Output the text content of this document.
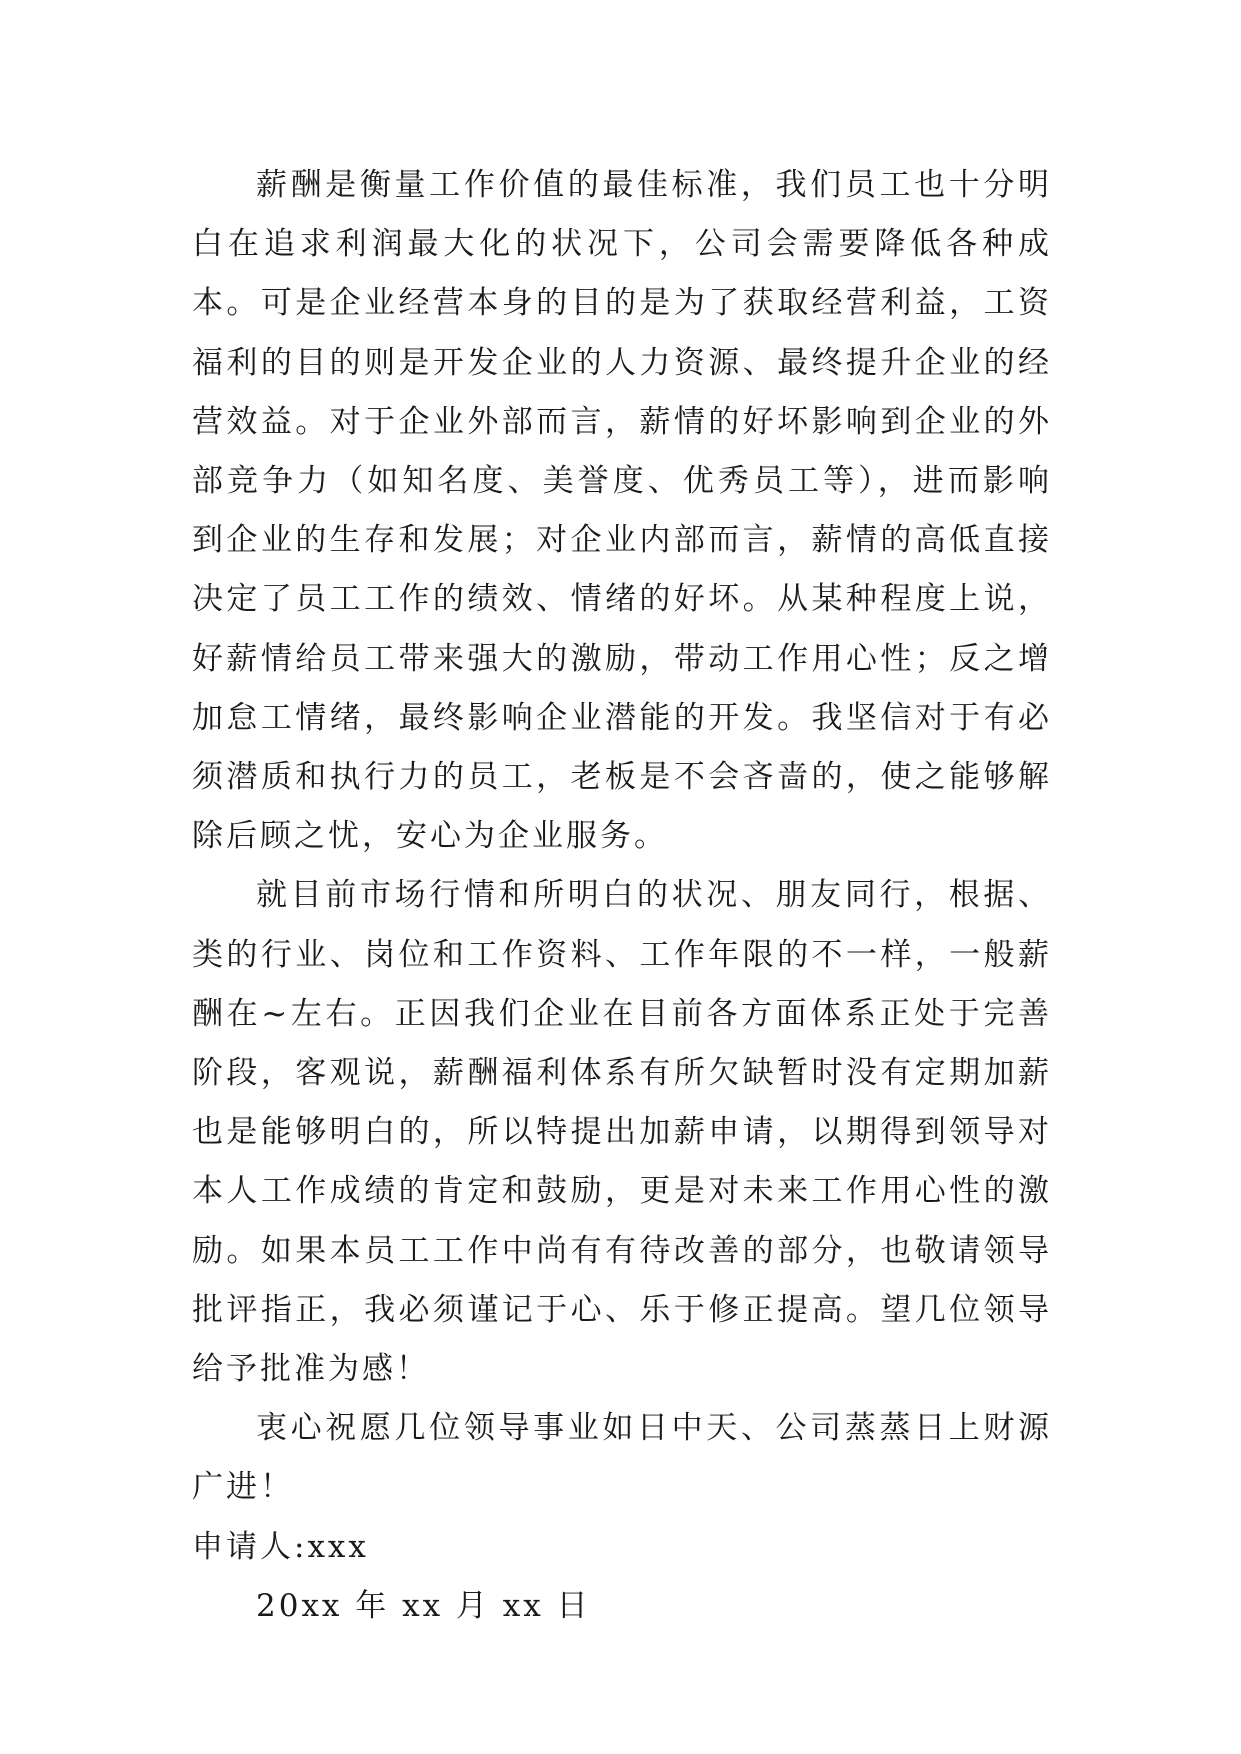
薪酬是衡量工作价值的最佳标准，我们员工也十分明白在追求利润最大化的状况下，公司会需要降低各种成本。可是企业经营本身的目的是为了获取经营利益，工资福利的目的则是开发企业的人力资源、最终提升企业的经营效益。对于企业外部而言，薪情的好坏影响到企业的外部竞争力（如知名度、美誉度、优秀员工等），进而影响到企业的生存和发展；对企业内部而言，薪情的高低直接决定了员工工作的绩效、情绪的好坏。从某种程度上说，好薪情给员工带来强大的激励，带动工作用心性；反之增加怠工情绪，最终影响企业潜能的开发。我坚信对于有必须潜质和执行力的员工，老板是不会吝啬的，使之能够解除后顾之忧，安心为企业服务。

就目前市场行情和所明白的状况、朋友同行，根据、类的行业、岗位和工作资料、工作年限的不一样，一般薪酬在~左右。正因我们企业在目前各方面体系正处于完善阶段，客观说，薪酬福利体系有所欠缺暂时没有定期加薪也是能够明白的，所以特提出加薪申请，以期得到领导对本人工作成绩的肯定和鼓励，更是对未来工作用心性的激励。如果本员工工作中尚有有待改善的部分，也敬请领导批评指正，我必须谨记于心、乐于修正提高。望几位领导给予批准为感！

衷心祝愿几位领导事业如日中天、公司蒸蒸日上财源广进！

申请人:xxx

20xx 年 xx 月 xx 日
